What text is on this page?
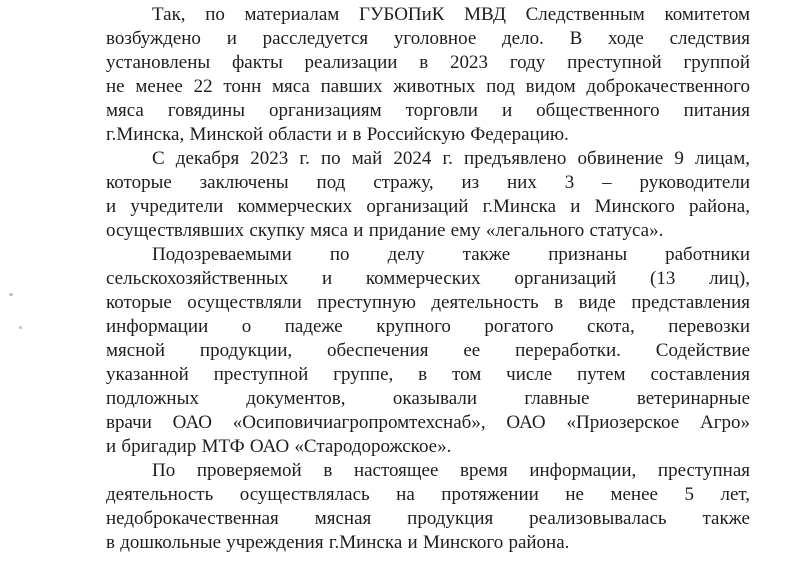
Так, по материалам ГУБОПиК МВД Следственным комитетом
возбуждено и расследуется уголовное дело. В ходе следствия
установлены факты реализации в 2023 году преступной группой
не менее 22 тонн мяса павших животных под видом доброкачественного
мяса говядины организациям торговли и общественного питания
г.Минска, Минской области и в Российскую Федерацию.
С декабря 2023 г. по май 2024 г. предъявлено обвинение 9 лицам,
которые заключены под стражу, из них 3 – руководители
и учредители коммерческих организаций г.Минска и Минского района,
осуществлявших скупку мяса и придание ему «легального статуса».
Подозреваемыми по делу также признаны работники
сельскохозяйственных и коммерческих организаций (13 лиц),
которые осуществляли преступную деятельность в виде представления
информации о падеже крупного рогатого скота, перевозки
мясной продукции, обеспечения ее переработки. Содействие
указанной преступной группе, в том числе путем составления
подложных документов, оказывали главные ветеринарные
врачи ОАО «Осиповичиагропромтехснаб», ОАО «Приозерское Агро»
и бригадир МТФ ОАО «Стародорожское».
По проверяемой в настоящее время информации, преступная
деятельность осуществлялась на протяжении не менее 5 лет,
недоброкачественная мясная продукция реализовывалась также
в дошкольные учреждения г.Минска и Минского района.
